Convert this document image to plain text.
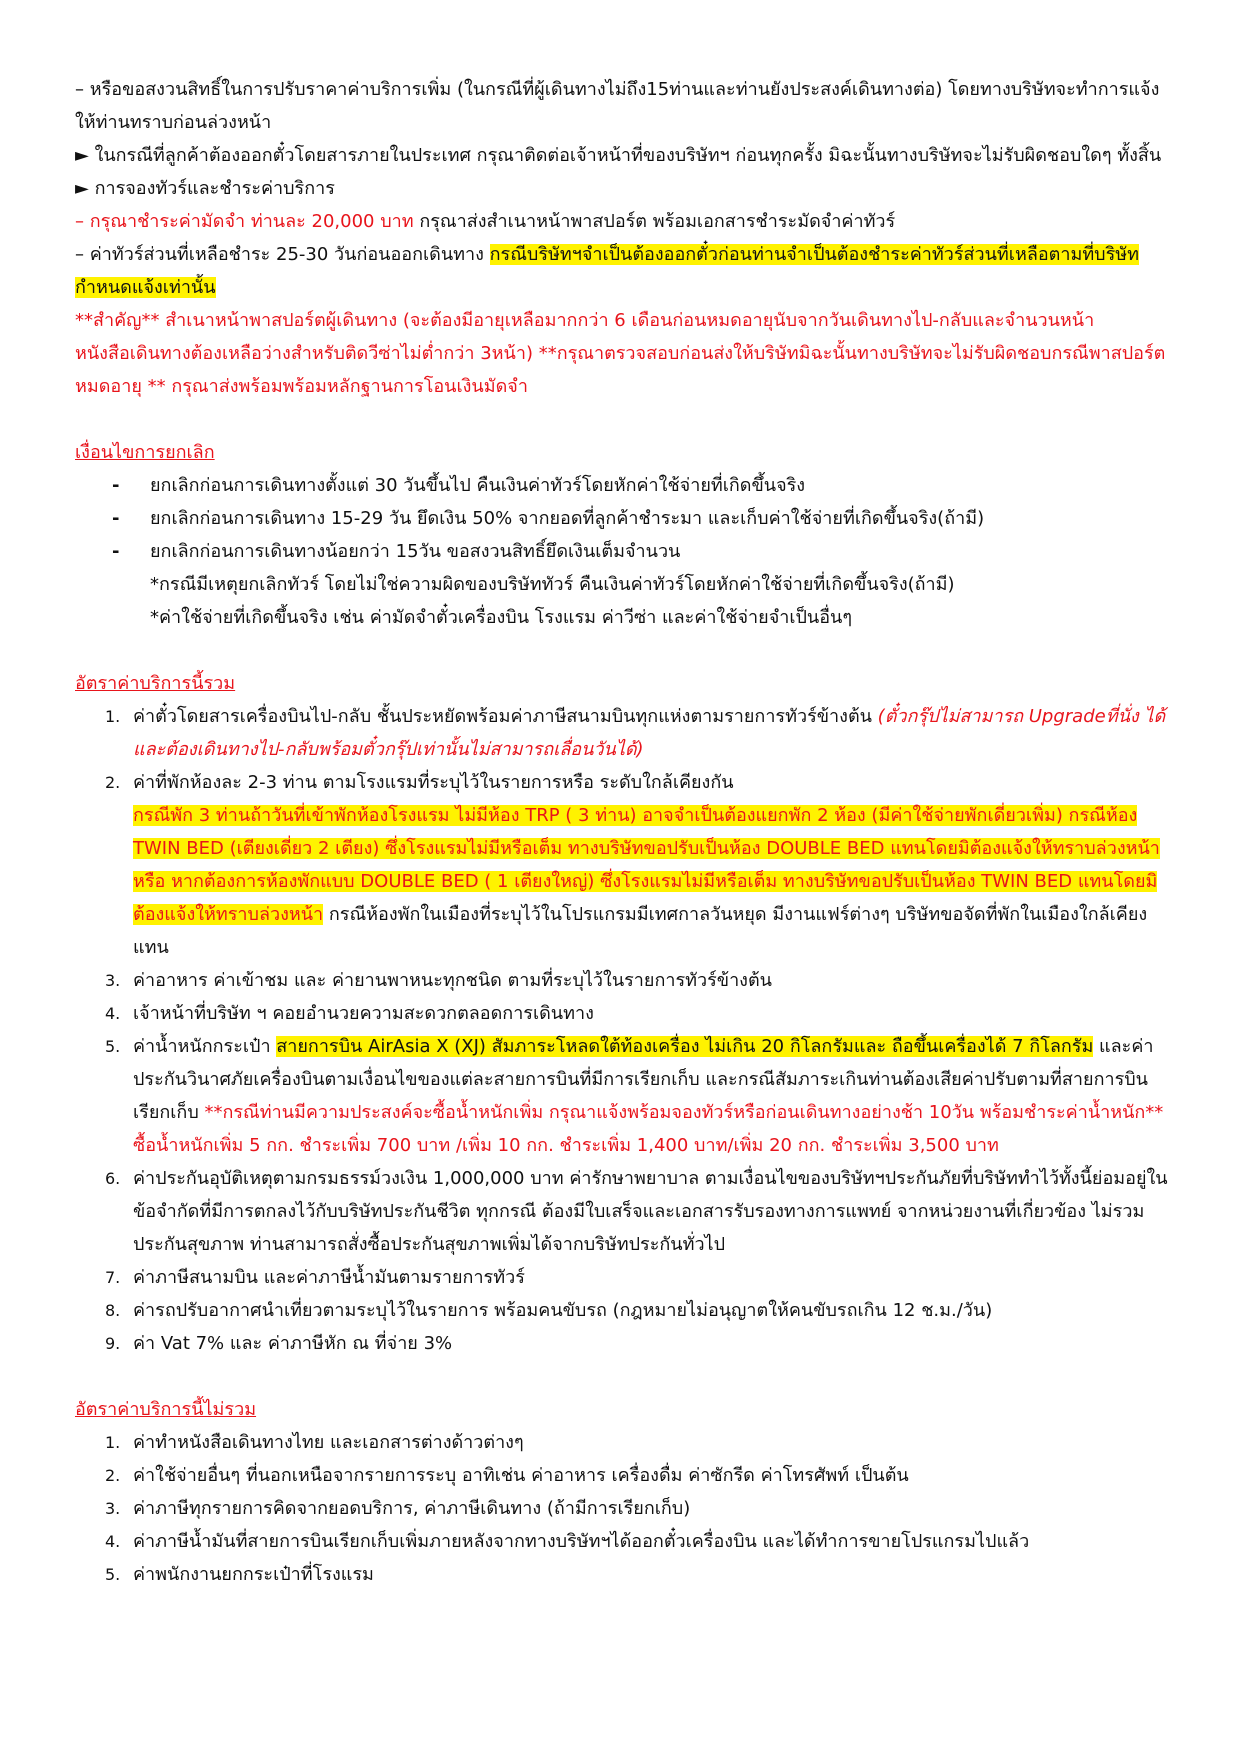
– หรือขอสงวนสิทธิ์ในการปรับราคาค่าบริการเพิ่ม (ในกรณีที่ผู้เดินทางไม่ถึง15ท่านและท่านยังประสงค์เดินทางต่อ) โดยทางบริษัทจะทำการแจ้งให้ท่านทราบก่อนล่วงหน้า

► ในกรณีที่ลูกค้าต้องออกตั๋วโดยสารภายในประเทศ กรุณาติดต่อเจ้าหน้าที่ของบริษัทฯ ก่อนทุกครั้ง มิฉะนั้นทางบริษัทจะไม่รับผิดชอบใดๆ ทั้งสิ้น

► การจองทัวร์และชำระค่าบริการ

– กรุณาชำระค่ามัดจำ ท่านละ 20,000 บาท กรุณาส่งสำเนาหน้าพาสปอร์ต พร้อมเอกสารชำระมัดจำค่าทัวร์

– ค่าทัวร์ส่วนที่เหลือชำระ 25-30 วันก่อนออกเดินทาง กรณีบริษัทฯจำเป็นต้องออกตั๋วก่อนท่านจำเป็นต้องชำระค่าทัวร์ส่วนที่เหลือตามที่บริษัทกำหนดแจ้งเท่านั้น

**สำคัญ** สำเนาหน้าพาสปอร์ตผู้เดินทาง (จะต้องมีอายุเหลือมากกว่า 6 เดือนก่อนหมดอายุนับจากวันเดินทางไป-กลับและจำนวนหน้าหนังสือเดินทางต้องเหลือว่างสำหรับติดวีซ่าไม่ต่ำกว่า 3หน้า) **กรุณาตรวจสอบก่อนส่งให้บริษัทมิฉะนั้นทางบริษัทจะไม่รับผิดชอบกรณีพาสปอร์ตหมดอายุ ** กรุณาส่งพร้อมพร้อมหลักฐานการโอนเงินมัดจำ

เงื่อนไขการยกเลิก

- ยกเลิกก่อนการเดินทางตั้งแต่ 30 วันขึ้นไป คืนเงินค่าทัวร์โดยหักค่าใช้จ่ายที่เกิดขึ้นจริง
- ยกเลิกก่อนการเดินทาง 15-29 วัน ยึดเงิน 50% จากยอดที่ลูกค้าชำระมา และเก็บค่าใช้จ่ายที่เกิดขึ้นจริง(ถ้ามี)
- ยกเลิกก่อนการเดินทางน้อยกว่า 15วัน ขอสงวนสิทธิ์ยึดเงินเต็มจำนวน

*กรณีมีเหตุยกเลิกทัวร์ โดยไม่ใช่ความผิดของบริษัททัวร์ คืนเงินค่าทัวร์โดยหักค่าใช้จ่ายที่เกิดขึ้นจริง(ถ้ามี)

*ค่าใช้จ่ายที่เกิดขึ้นจริง เช่น ค่ามัดจำตั๋วเครื่องบิน โรงแรม ค่าวีซ่า และค่าใช้จ่ายจำเป็นอื่นๆ

อัตราค่าบริการนี้รวม

1. ค่าตั๋วโดยสารเครื่องบินไป-กลับ ชั้นประหยัดพร้อมค่าภาษีสนามบินทุกแห่งตามรายการทัวร์ข้างต้น (ตั๋วกรุ๊ปไม่สามารถ Upgradeที่นั่ง ได้ และต้องเดินทางไป-กลับพร้อมตั๋วกรุ๊ปเท่านั้นไม่สามารถเลื่อนวันได้)
2. ค่าที่พักห้องละ 2-3 ท่าน ตามโรงแรมที่ระบุไว้ในรายการหรือ ระดับใกล้เคียงกัน
กรณีพัก 3 ท่านถ้าวันที่เข้าพักห้องโรงแรม ไม่มีห้อง TRP ( 3 ท่าน) อาจจำเป็นต้องแยกพัก 2 ห้อง (มีค่าใช้จ่ายพักเดี่ยวเพิ่ม) กรณีห้อง TWIN BED (เตียงเดี่ยว 2 เตียง) ซึ่งโรงแรมไม่มีหรือเต็ม ทางบริษัทขอปรับเป็นห้อง DOUBLE BED แทนโดยมิต้องแจ้งให้ทราบล่วงหน้า หรือ หากต้องการห้องพักแบบ DOUBLE BED ( 1 เตียงใหญ่) ซึ่งโรงแรมไม่มีหรือเต็ม ทางบริษัทขอปรับเป็นห้อง TWIN BED แทนโดยมิต้องแจ้งให้ทราบล่วงหน้า กรณีห้องพักในเมืองที่ระบุไว้ในโปรแกรมมีเทศกาลวันหยุด มีงานแฟร์ต่างๆ บริษัทขอจัดที่พักในเมืองใกล้เคียงแทน
3. ค่าอาหาร ค่าเข้าชม และ ค่ายานพาหนะทุกชนิด ตามที่ระบุไว้ในรายการทัวร์ข้างต้น
4. เจ้าหน้าที่บริษัท ฯ คอยอำนวยความสะดวกตลอดการเดินทาง
5. ค่าน้ำหนักกระเป๋า สายการบิน AirAsia X (XJ) สัมภาระโหลดใต้ท้องเครื่อง ไม่เกิน 20 กิโลกรัมและ ถือขึ้นเครื่องได้ 7 กิโลกรัม และค่าประกันวินาศภัยเครื่องบินตามเงื่อนไขของแต่ละสายการบินที่มีการเรียกเก็บ และกรณีสัมภาระเกินท่านต้องเสียค่าปรับตามที่สายการบินเรียกเก็บ **กรณีท่านมีความประสงค์จะซื้อน้ำหนักเพิ่ม กรุณาแจ้งพร้อมจองทัวร์หรือก่อนเดินทางอย่างช้า 10วัน พร้อมชำระค่าน้ำหนัก**
ซื้อน้ำหนักเพิ่ม 5 กก. ชำระเพิ่ม 700 บาท /เพิ่ม 10 กก. ชำระเพิ่ม 1,400 บาท/เพิ่ม 20 กก. ชำระเพิ่ม 3,500 บาท
6. ค่าประกันอุบัติเหตุตามกรมธรรม์วงเงิน 1,000,000 บาท ค่ารักษาพยาบาล ตามเงื่อนไขของบริษัทฯประกันภัยที่บริษัททำไว้ทั้งนี้ย่อมอยู่ในข้อจำกัดที่มีการตกลงไว้กับบริษัทประกันชีวิต ทุกกรณี ต้องมีใบเสร็จและเอกสารรับรองทางการแพทย์ จากหน่วยงานที่เกี่ยวข้อง ไม่รวมประกันสุขภาพ ท่านสามารถสั่งซื้อประกันสุขภาพเพิ่มได้จากบริษัทประกันทั่วไป
7. ค่าภาษีสนามบิน และค่าภาษีน้ำมันตามรายการทัวร์
8. ค่ารถปรับอากาศนำเที่ยวตามระบุไว้ในรายการ พร้อมคนขับรถ (กฎหมายไม่อนุญาตให้คนขับรถเกิน 12 ช.ม./วัน)
9. ค่า Vat 7% และ ค่าภาษีหัก ณ ที่จ่าย 3%

อัตราค่าบริการนี้ไม่รวม

1. ค่าทำหนังสือเดินทางไทย และเอกสารต่างด้าวต่างๆ
2. ค่าใช้จ่ายอื่นๆ ที่นอกเหนือจากรายการระบุ อาทิเช่น ค่าอาหาร เครื่องดื่ม ค่าซักรีด ค่าโทรศัพท์ เป็นต้น
3. ค่าภาษีทุกรายการคิดจากยอดบริการ, ค่าภาษีเดินทาง (ถ้ามีการเรียกเก็บ)
4. ค่าภาษีน้ำมันที่สายการบินเรียกเก็บเพิ่มภายหลังจากทางบริษัทฯได้ออกตั๋วเครื่องบิน และได้ทำการขายโปรแกรมไปแล้ว
5. ค่าพนักงานยกกระเป๋าที่โรงแรม
